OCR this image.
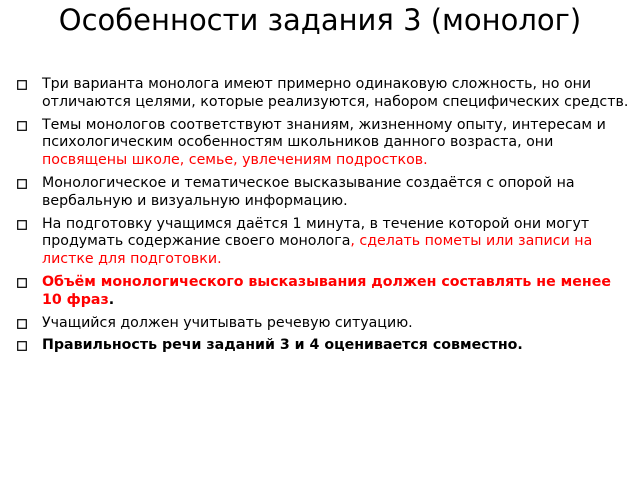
Особенности задания 3 (монолог)
Три варианта монолога имеют примерно одинаковую сложность, но они отличаются целями, которые реализуются, набором специфических средств.
Темы монологов соответствуют знаниям, жизненному опыту, интересам и психологическим особенностям школьников данного возраста, они посвящены школе, семье, увлечениям подростков.
Монологическое и тематическое высказывание создаётся с опорой на вербальную и визуальную информацию.
На подготовку учащимся даётся 1 минута, в течение которой они могут продумать содержание своего монолога, сделать пометы или записи на листке для подготовки.
Объём монологического высказывания должен составлять не менее 10 фраз.
Учащийся должен учитывать речевую ситуацию.
Правильность речи заданий 3 и 4 оценивается совместно.
